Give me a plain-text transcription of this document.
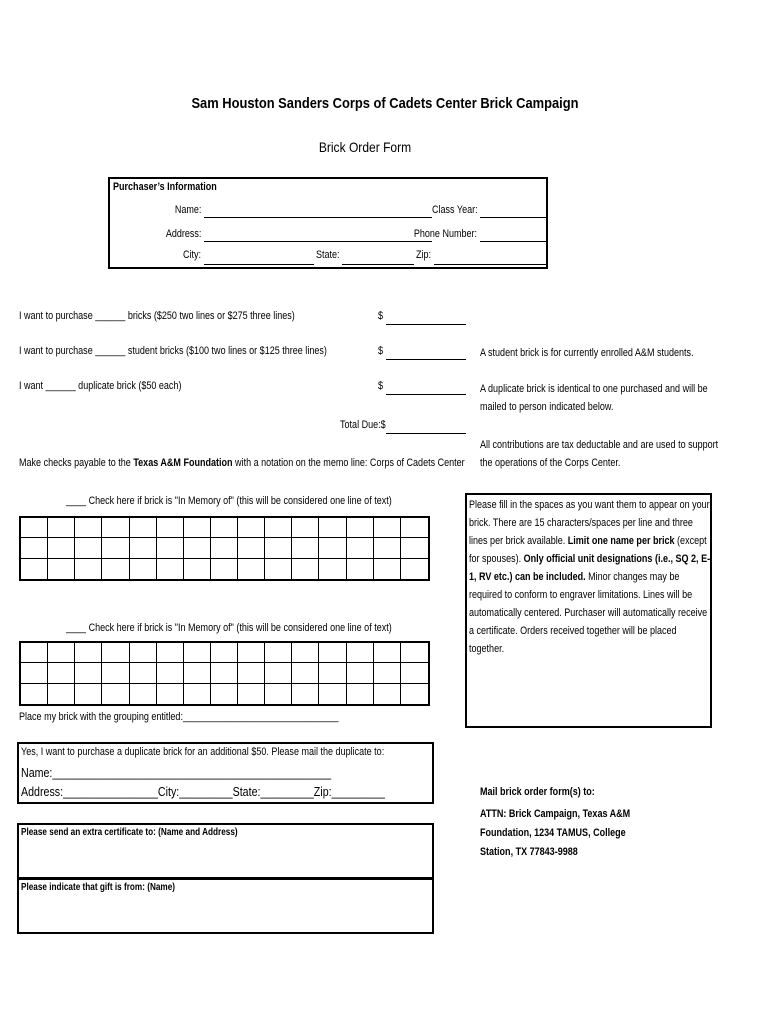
Sam Houston Sanders Corps of Cadets Center Brick Campaign
Brick Order Form
Purchaser’s Information
Name:	Class Year:
Address:	Phone Number:
City:	State:	Zip:
I want to purchase ______ bricks ($250 two lines or $275 three lines)	$
I want to purchase ______ student bricks ($100 two lines or $125 three lines)	$	A student brick is for currently enrolled A&M students.
I want ______ duplicate brick ($50 each)	$	A duplicate brick is identical to one purchased and will be
mailed to person indicated below.
Total Due:$
All contributions are tax deductable and are used to support
the operations of the Corps Center.
Make checks payable to the Texas A&M Foundation with a notation on the memo line: Corps of Cadets Center
____ Check here if brick is "In Memory of" (this will be considered one line of text)
____ Check here if brick is "In Memory of" (this will be considered one line of text)
Please fill in the spaces as you want them to appear on your brick. There are 15 characters/spaces per line and three lines per brick available. Limit one name per brick (except for spouses). Only official unit designations (i.e., SQ 2, E-1, RV etc.) can be included. Minor changes may be required to conform to engraver limitations. Lines will be automatically centered. Purchaser will automatically receive a certificate. Orders received together will be placed together.
Place my brick with the grouping entitled:_______________________________
Yes, I want to purchase a duplicate brick for an additional $50. Please mail the duplicate to:
Name:_______________________________________________
Address:________________City:_________State:_________Zip:_________
Please send an extra certificate to: (Name and Address)
Please indicate that gift is from: (Name)
Mail brick order form(s) to:
ATTN: Brick Campaign, Texas A&M
Foundation, 1234 TAMUS, College
Station, TX 77843-9988
